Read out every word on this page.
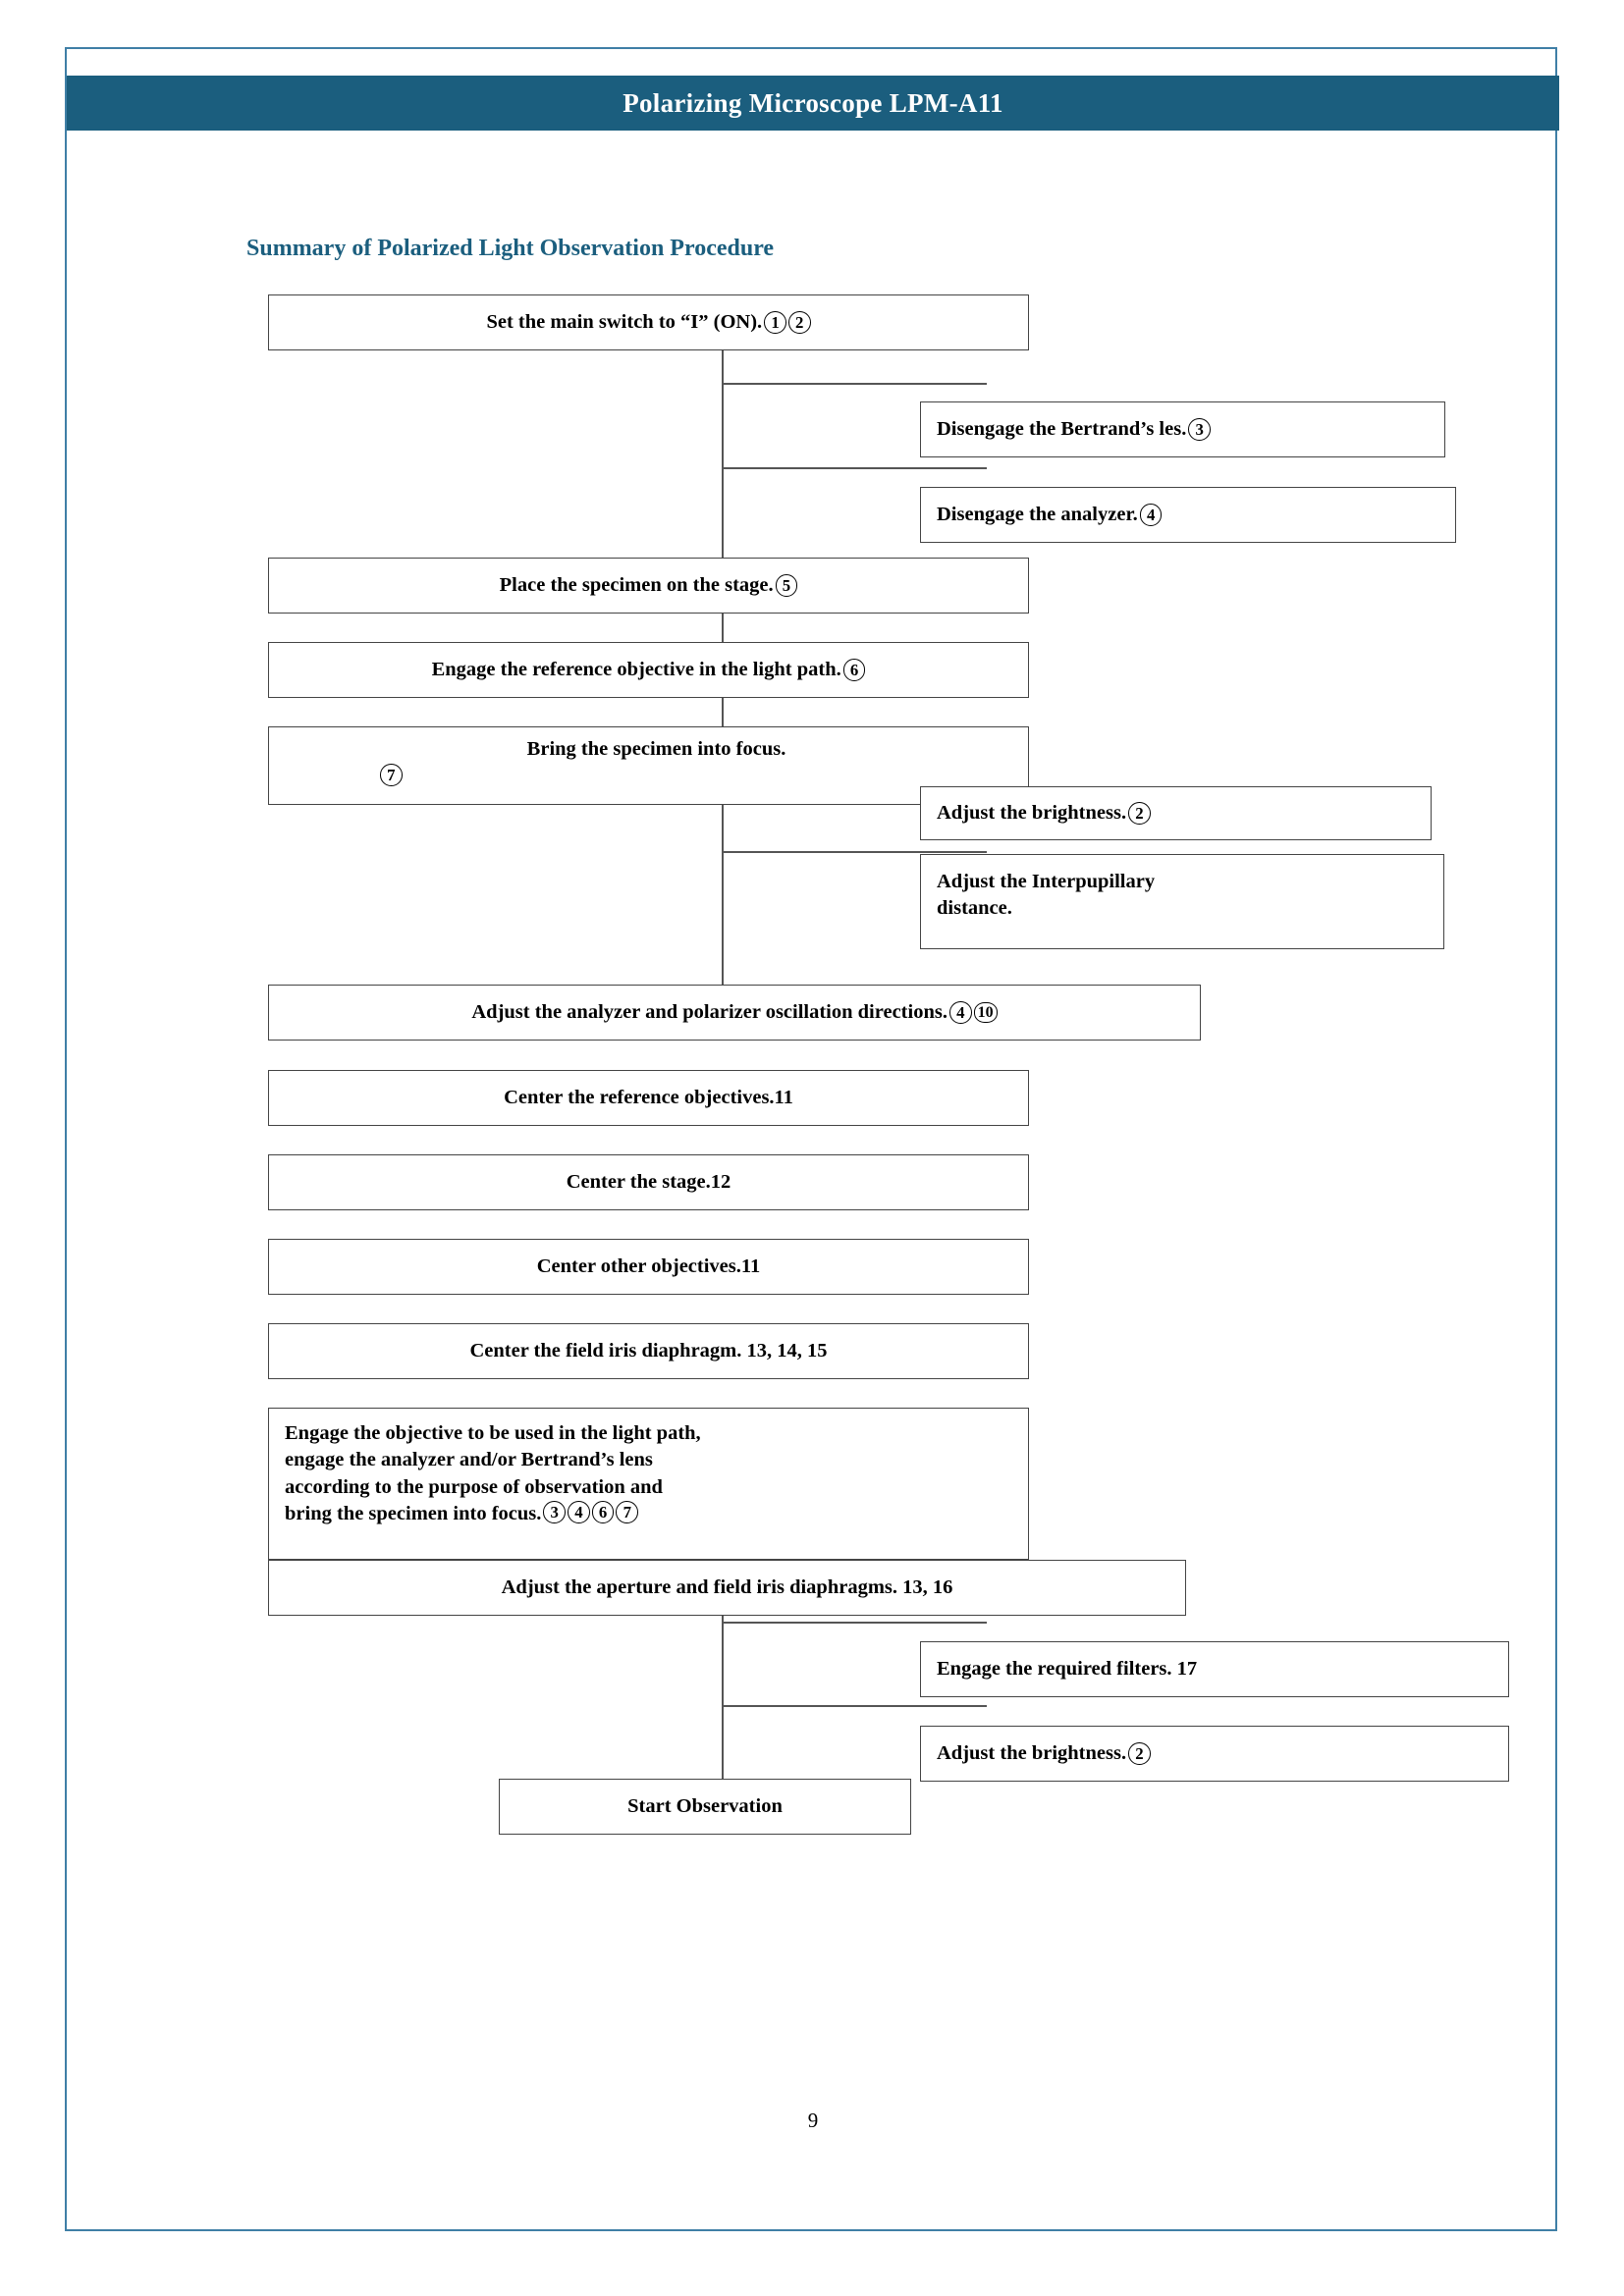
Polarizing Microscope LPM-A11
Summary of Polarized Light Observation Procedure
Set the main switch to “I” (ON). 1 2
Disengage the Bertrand’s les. 3
Disengage the analyzer. 4
Place the specimen on the stage. 5
Engage the reference objective in the light path. 6
Bring the specimen into focus.
7
Adjust the brightness. 2
Adjust the Interpupillary
distance.
Adjust the analyzer and polarizer oscillation directions. 4 10
Center the reference objectives.11
Center the stage.12
Center other objectives.11
Center the field iris diaphragm. 13, 14, 15
Engage the objective to be used in the light path,
engage the analyzer and/or Bertrand’s lens
according to the purpose of observation and
bring the specimen into focus. 3 4 6 7
Adjust the aperture and field iris diaphragms. 13, 16
Engage the required filters. 17
Adjust the brightness. 2
Start Observation
9
